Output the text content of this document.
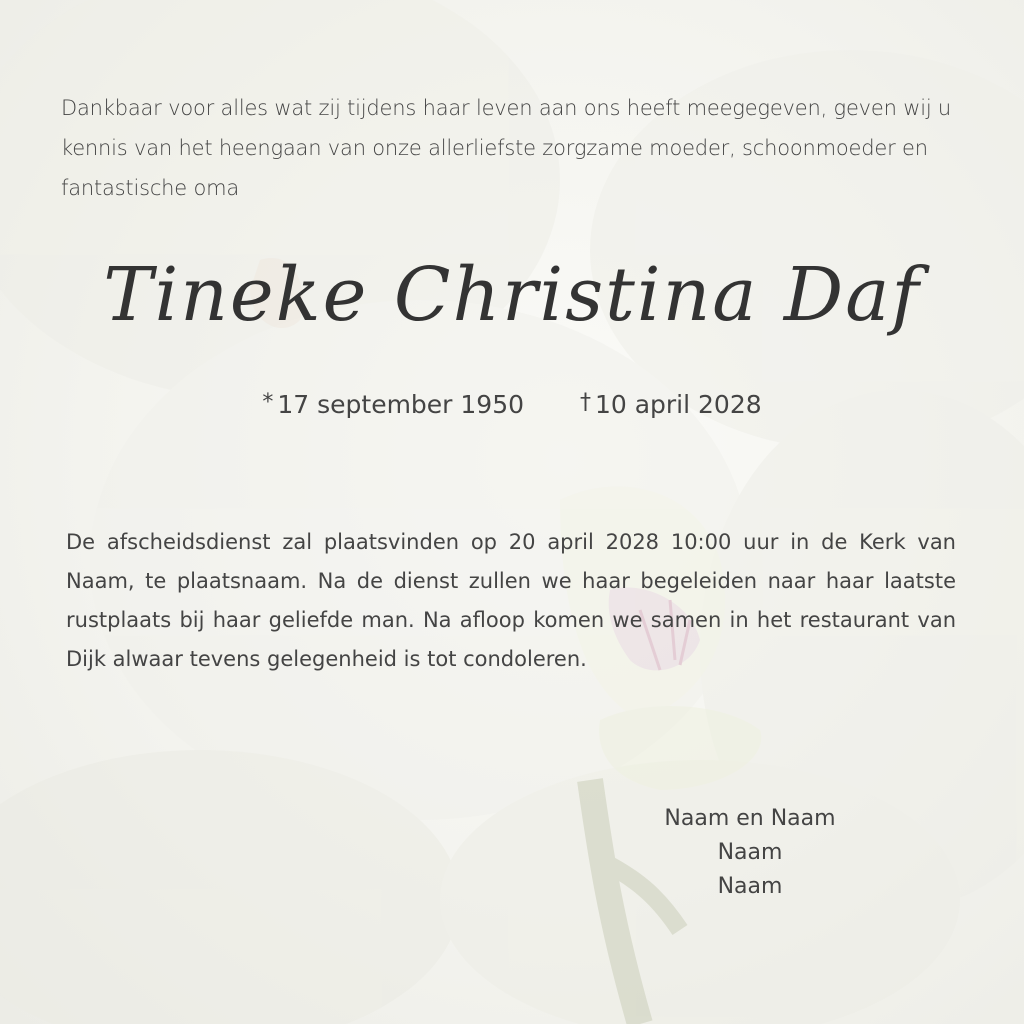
Dankbaar voor alles wat zij tijdens haar leven aan ons heeft meegegeven, geven wij u kennis van het heengaan van onze allerliefste zorgzame moeder, schoonmoeder en fantastische oma
Tineke Christina Daf
* 17 september 1950	† 10 april 2028
De afscheidsdienst zal plaatsvinden op 20 april 2028 10:00 uur in de Kerk van Naam, te plaatsnaam. Na de dienst zullen we haar begeleiden naar haar laatste rustplaats bij haar geliefde man. Na afloop komen we samen in het restaurant van Dijk alwaar tevens gelegenheid is tot condoleren.
Naam en Naam
Naam
Naam
